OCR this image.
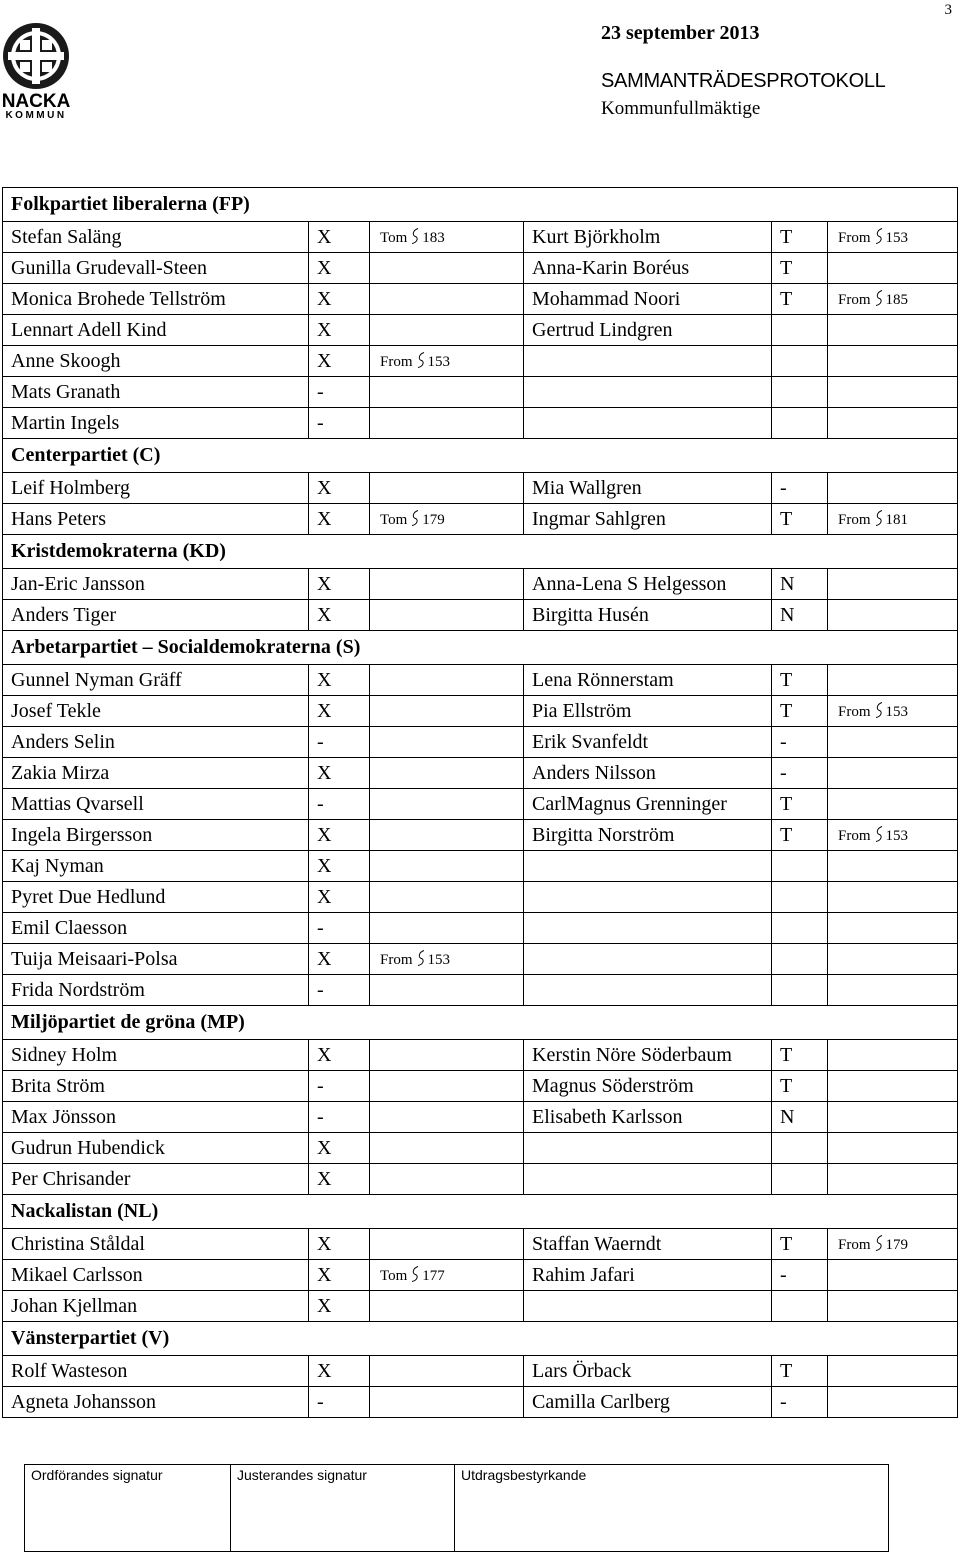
3
NACKA
KOMMUN
23 september 2013
SAMMANTRÄDESPROTOKOLL
Kommunfullmäktige
Folkpartiet liberalerna (FP)					
Stefan Saläng	X	Tom 183	Kurt Björkholm	T	From 153
Gunilla Grudevall-Steen	X		Anna-Karin Boréus	T	
Monica Brohede Tellström	X		Mohammad Noori	T	From 185
Lennart Adell Kind	X		Gertrud Lindgren		
Anne Skoogh	X	From 153			
Mats Granath	-				
Martin Ingels	-				
Centerpartiet (C)					
Leif Holmberg	X		Mia Wallgren	-	
Hans Peters	X	Tom 179	Ingmar Sahlgren	T	From 181
Kristdemokraterna (KD)					
Jan-Eric Jansson	X		Anna-Lena S Helgesson	N	
Anders Tiger	X		Birgitta Husén	N	
Arbetarpartiet – Socialdemokraterna (S)					
Gunnel Nyman Gräff	X		Lena Rönnerstam	T	
Josef Tekle	X		Pia Ellström	T	From 153
Anders Selin	-		Erik Svanfeldt	-	
Zakia Mirza	X		Anders Nilsson	-	
Mattias Qvarsell	-		CarlMagnus Grenninger	T	
Ingela Birgersson	X		Birgitta Norström	T	From 153
Kaj Nyman	X				
Pyret Due Hedlund	X				
Emil Claesson	-				
Tuija Meisaari-Polsa	X	From 153			
Frida Nordström	-				
Miljöpartiet de gröna (MP)					
Sidney Holm	X		Kerstin Nöre Söderbaum	T	
Brita Ström	-		Magnus Söderström	T	
Max Jönsson	-		Elisabeth Karlsson	N	
Gudrun Hubendick	X				
Per Chrisander	X				
Nackalistan (NL)					
Christina Ståldal	X		Staffan Waerndt	T	From 179
Mikael Carlsson	X	Tom 177	Rahim Jafari	-	
Johan Kjellman	X				
Vänsterpartiet (V)					
Rolf Wasteson	X		Lars Örback	T	
Agneta Johansson	-		Camilla Carlberg	-	
Ordförandes signatur	Justerandes signatur	Utdragsbestyrkande
